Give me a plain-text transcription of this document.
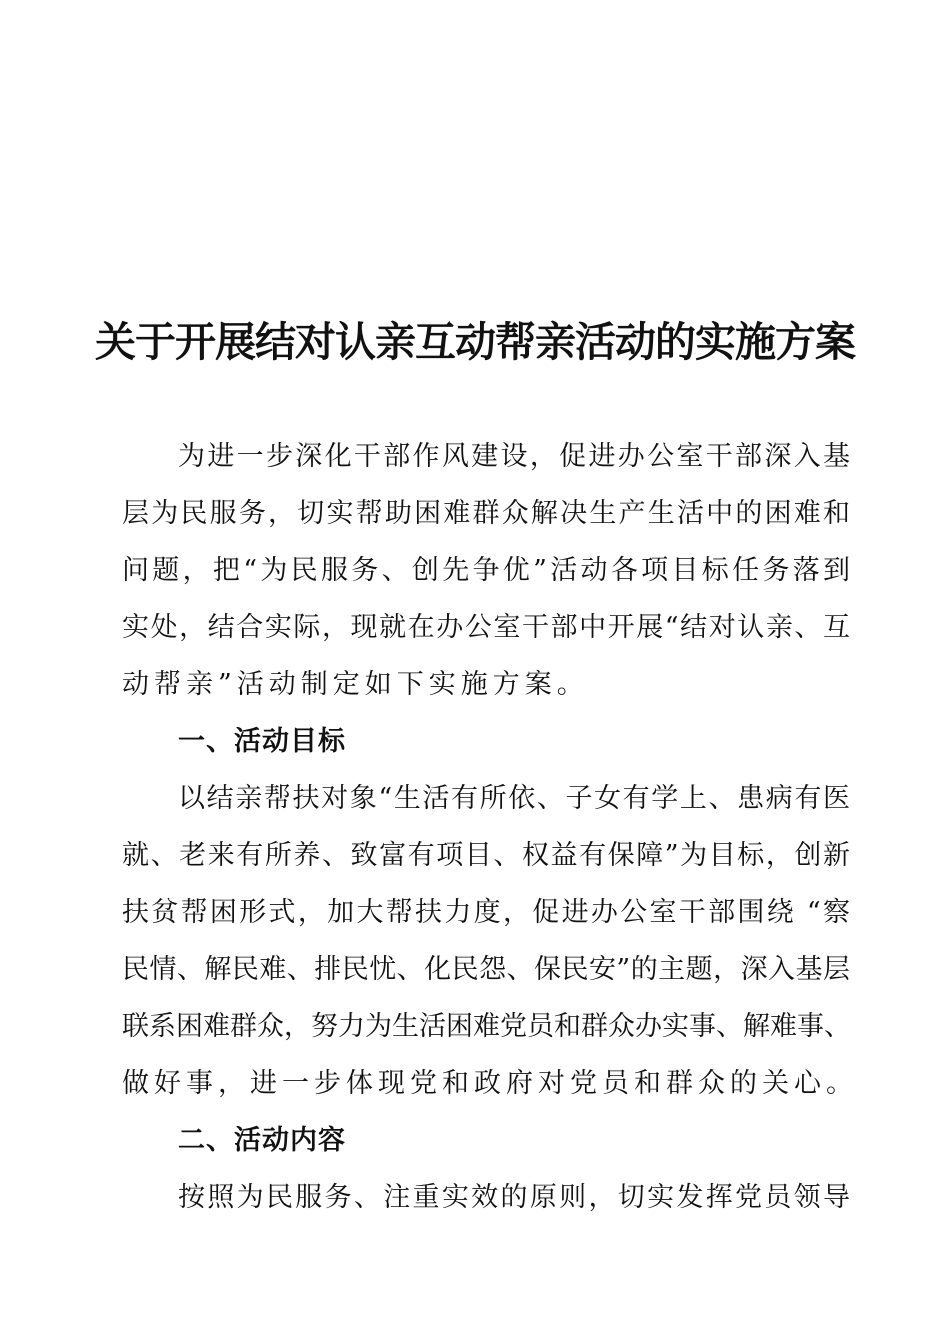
关于开展结对认亲互动帮亲活动的实施方案
为进一步深化干部作风建设，促进办公室干部深入基
层为民服务，切实帮助困难群众解决生产生活中的困难和
问题，把“为民服务、创先争优”活动各项目标任务落到
实处，结合实际，现就在办公室干部中开展“结对认亲、互
动帮亲”活动制定如下实施方案。
一、活动目标
以结亲帮扶对象“生活有所依、子女有学上、患病有医
就、老来有所养、致富有项目、权益有保障”为目标，创新
扶贫帮困形式，加大帮扶力度，促进办公室干部围绕 “察
民情、解民难、排民忧、化民怨、保民安”的主题，深入基层
联系困难群众，努力为生活困难党员和群众办实事、解难事、
做好事，进一步体现党和政府对党员和群众的关心。
二、活动内容
按照为民服务、注重实效的原则，切实发挥党员领导
